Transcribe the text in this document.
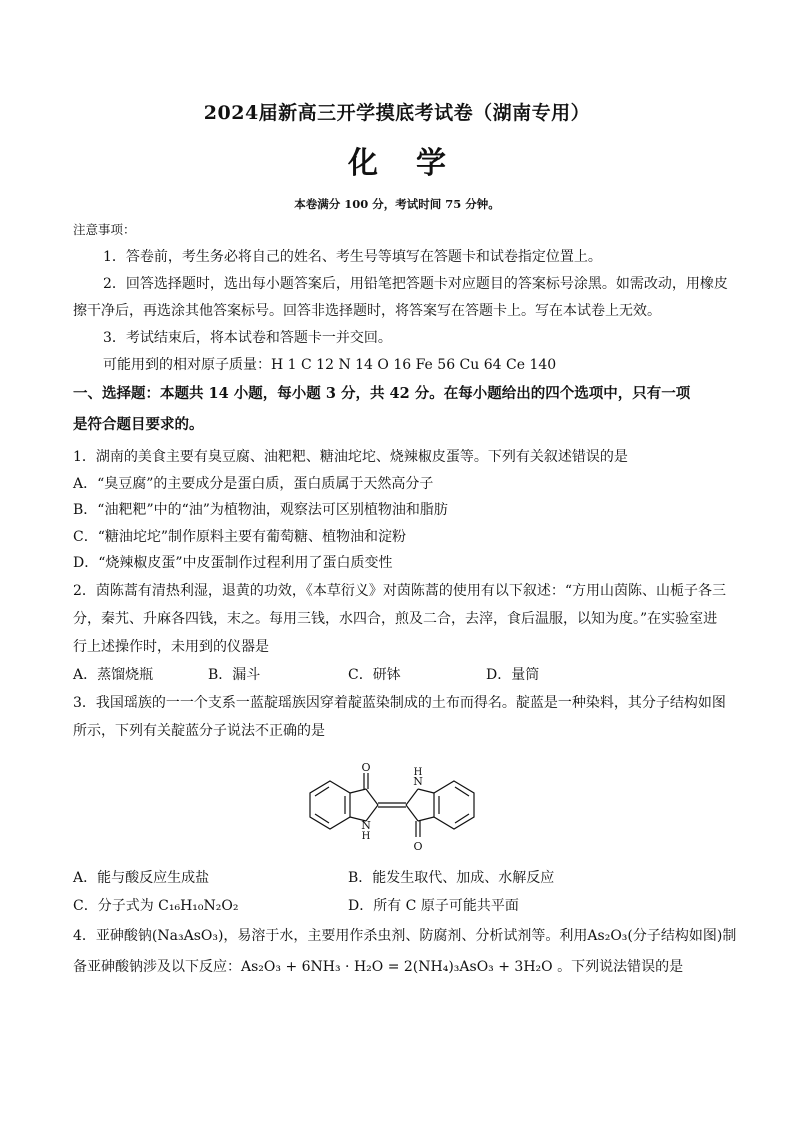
2024届新高三开学摸底考试卷（湖南专用）
化学
本卷满分 100 分，考试时间 75 分钟。
注意事项：
1．答卷前，考生务必将自己的姓名、考生号等填写在答题卡和试卷指定位置上。
2．回答选择题时，选出每小题答案后，用铅笔把答题卡对应题目的答案标号涂黑。如需改动，用橡皮
擦干净后，再选涂其他答案标号。回答非选择题时，将答案写在答题卡上。写在本试卷上无效。
3．考试结束后，将本试卷和答题卡一并交回。
可能用到的相对原子质量：H 1 C 12 N 14 O 16 Fe 56 Cu 64 Ce 140
一、选择题：本题共 14 小题，每小题 3 分，共 42 分。在每小题给出的四个选项中，只有一项
是符合题目要求的。
1．湖南的美食主要有臭豆腐、油粑粑、糖油坨坨、烧辣椒皮蛋等。下列有关叙述错误的是
A．“臭豆腐”的主要成分是蛋白质，蛋白质属于天然高分子
B．“油粑粑”中的“油”为植物油，观察法可区别植物油和脂肪
C．“糖油坨坨”制作原料主要有葡萄糖、植物油和淀粉
D．“烧辣椒皮蛋”中皮蛋制作过程利用了蛋白质变性
2．茵陈蒿有清热利湿，退黄的功效，《本草衍义》对茵陈蒿的使用有以下叙述：“方用山茵陈、山栀子各三
分，秦艽、升麻各四钱，末之。每用三钱，水四合，煎及二合，去滓，食后温服，以知为度。”在实验室进
行上述操作时，未用到的仪器是
A．蒸馏烧瓶	B．漏斗	C．研钵	D．量筒
3．我国瑶族的一一个支系一蓝靛瑶族因穿着靛蓝染制成的土布而得名。靛蓝是一种染料，其分子结构如图
所示，下列有关靛蓝分子说法不正确的是
O
N
H
N
H
O
A．能与酸反应生成盐	B．能发生取代、加成、水解反应
C．分子式为 C₁₆H₁₀N₂O₂	D．所有 C 原子可能共平面
4．亚砷酸钠(Na₃AsO₃)，易溶于水，主要用作杀虫剂、防腐剂、分析试剂等。利用As₂O₃(分子结构如图)制
备亚砷酸钠涉及以下反应：As₂O₃ + 6NH₃ · H₂O = 2(NH₄)₃AsO₃ + 3H₂O 。下列说法错误的是
